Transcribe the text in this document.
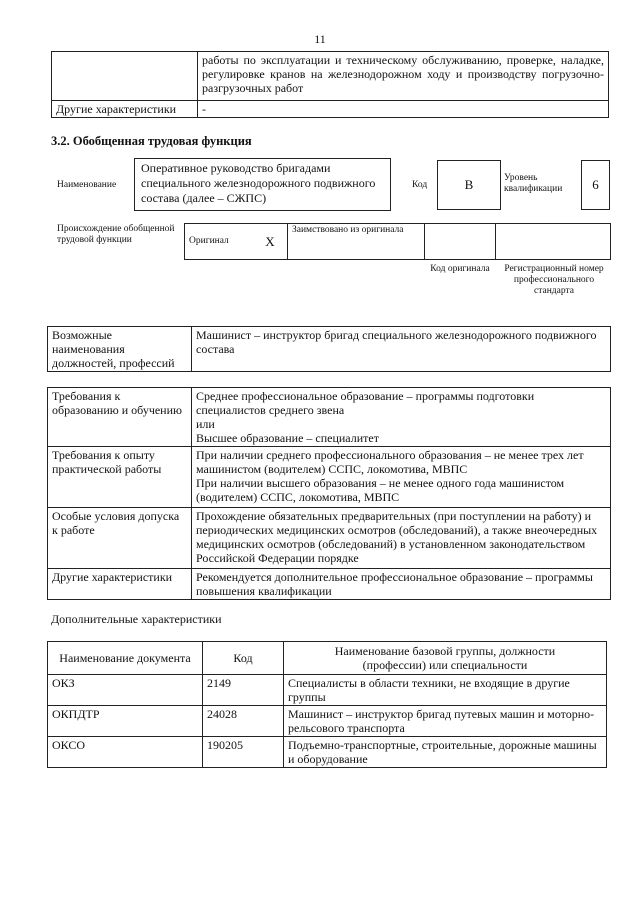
11
	работы по эксплуатации и техническому обслуживанию, проверке, наладке, регулировке кранов на железнодорожном ходу и производству погрузочно-разгрузочных работ
Другие характеристики	-
3.2. Обобщенная трудовая функция
Наименование
Оперативное руководство бригадами специального железнодорожного подвижного состава (далее – СЖПС)
Код	B	Уровень квалификации	6
Происхождение обобщенной трудовой функции	Оригинал	X	Заимствовано из оригинала		
Код оригинала	Регистрационный номер профессионального стандарта
Возможные наименования должностей, профессий	Машинист – инструктор бригад специального железнодорожного подвижного состава
Требования к образованию и обучению	Среднее профессиональное образование – программы подготовки специалистов среднего звена
или
Высшее образование – специалитет

Требования к опыту практической работы	При наличии среднего профессионального образования – не менее трех лет машинистом (водителем) ССПС, локомотива, МВПС
При наличии высшего образования – не менее одного года машинистом (водителем) ССПС, локомотива, МВПС

Особые условия допуска к работе	Прохождение обязательных предварительных (при поступлении на работу) и периодических медицинских осмотров (обследований), а также внеочередных медицинских осмотров (обследований) в установленном законодательством Российской Федерации порядке

Другие характеристики	Рекомендуется дополнительное профессиональное образование – программы повышения квалификации
Дополнительные характеристики
Наименование документа	Код	Наименование базовой группы, должности (профессии) или специальности
ОКЗ	2149	Специалисты в области техники, не входящие в другие группы
ОКПДТР	24028	Машинист – инструктор бригад путевых машин и моторно-рельсового транспорта
ОКСО	190205	Подъемно-транспортные, строительные, дорожные машины и оборудование
